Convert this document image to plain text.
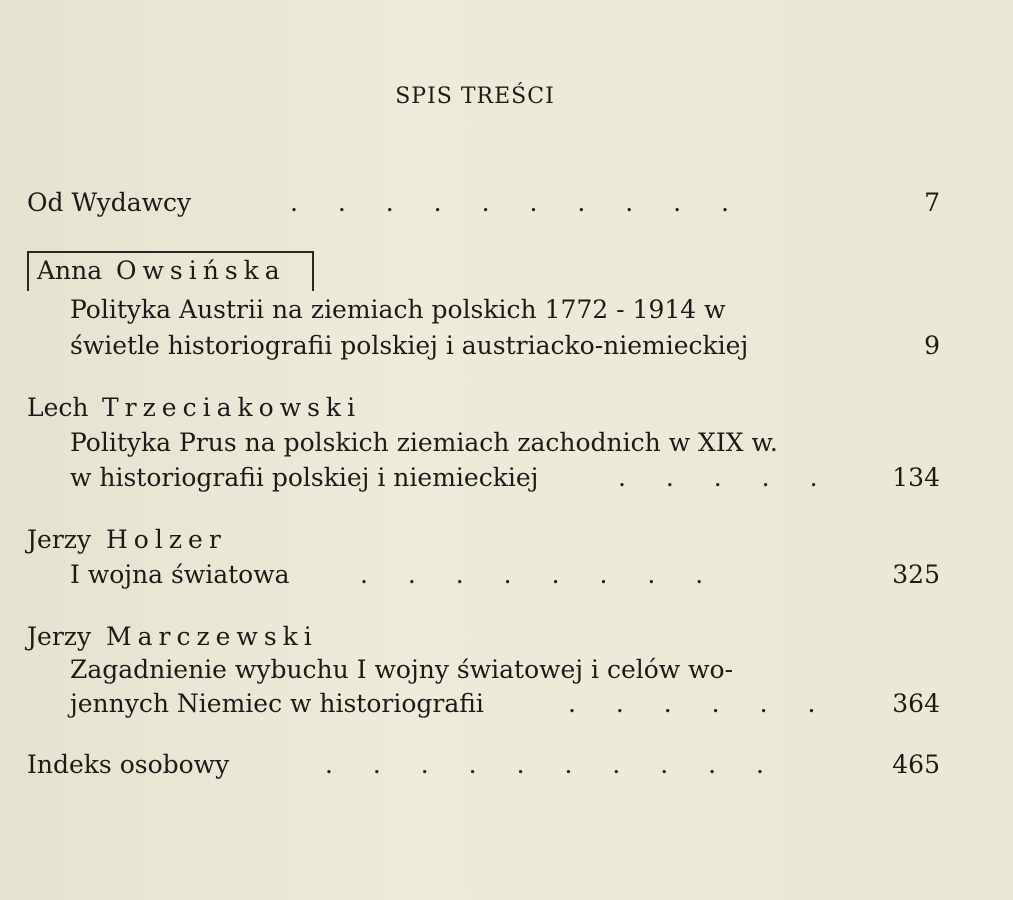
SPIS TREŚCI
Od Wydawcy	. . . . . . . . . .	7
Anna Owsińska
Polityka Austrii na ziemiach polskich 1772 - 1914 w
świetle historiografii polskiej i austriacko-niemieckiej	9
Lech Trzeciakowski
Polityka Prus na polskich ziemiach zachodnich w XIX w.
w historiografii polskiej i niemieckiej	. . . . . 134
Jerzy Holzer
I wojna światowa	. . . . . . . .	325
Jerzy Marczewski
Zagadnienie wybuchu I wojny światowej i celów wo-
jennych Niemiec w historiografii	. . . . . . 364
Indeks osobowy	. . . . . . . . . .	465
